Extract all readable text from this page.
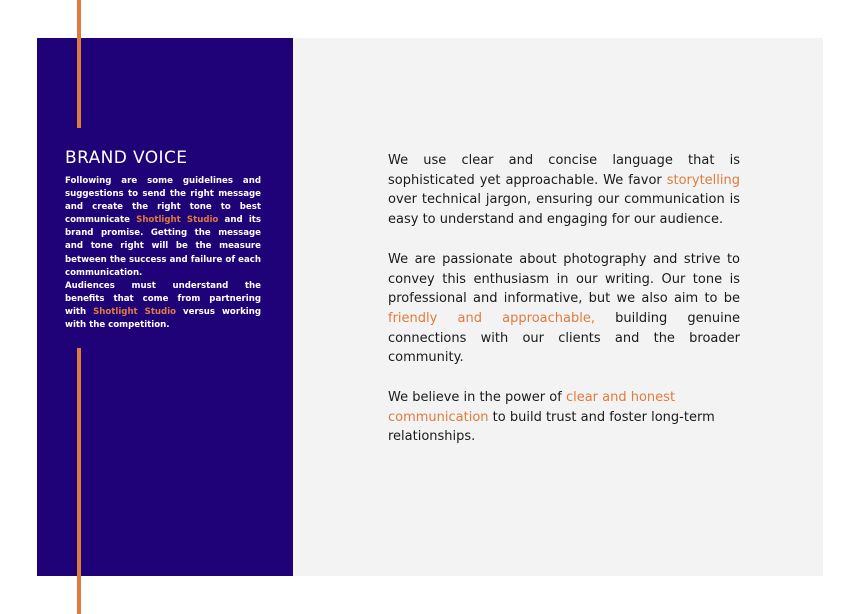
BRAND VOICE

Following are some guidelines and suggestions to send the right message and create the right tone to best communicate Shotlight Studio and its brand promise. Getting the message and tone right will be the measure between the success and failure of each communication.

Audiences must understand the benefits that come from partnering with Shotlight Studio versus working with the competition.

We use clear and concise language that is sophisticated yet approachable. We favor storytelling over technical jargon, ensuring our communication is easy to understand and engaging for our audience.

We are passionate about photography and strive to convey this enthusiasm in our writing. Our tone is professional and informative, but we also aim to be friendly and approachable, building genuine connections with our clients and the broader community.

We believe in the power of clear and honest communication to build trust and foster long-term relationships.
